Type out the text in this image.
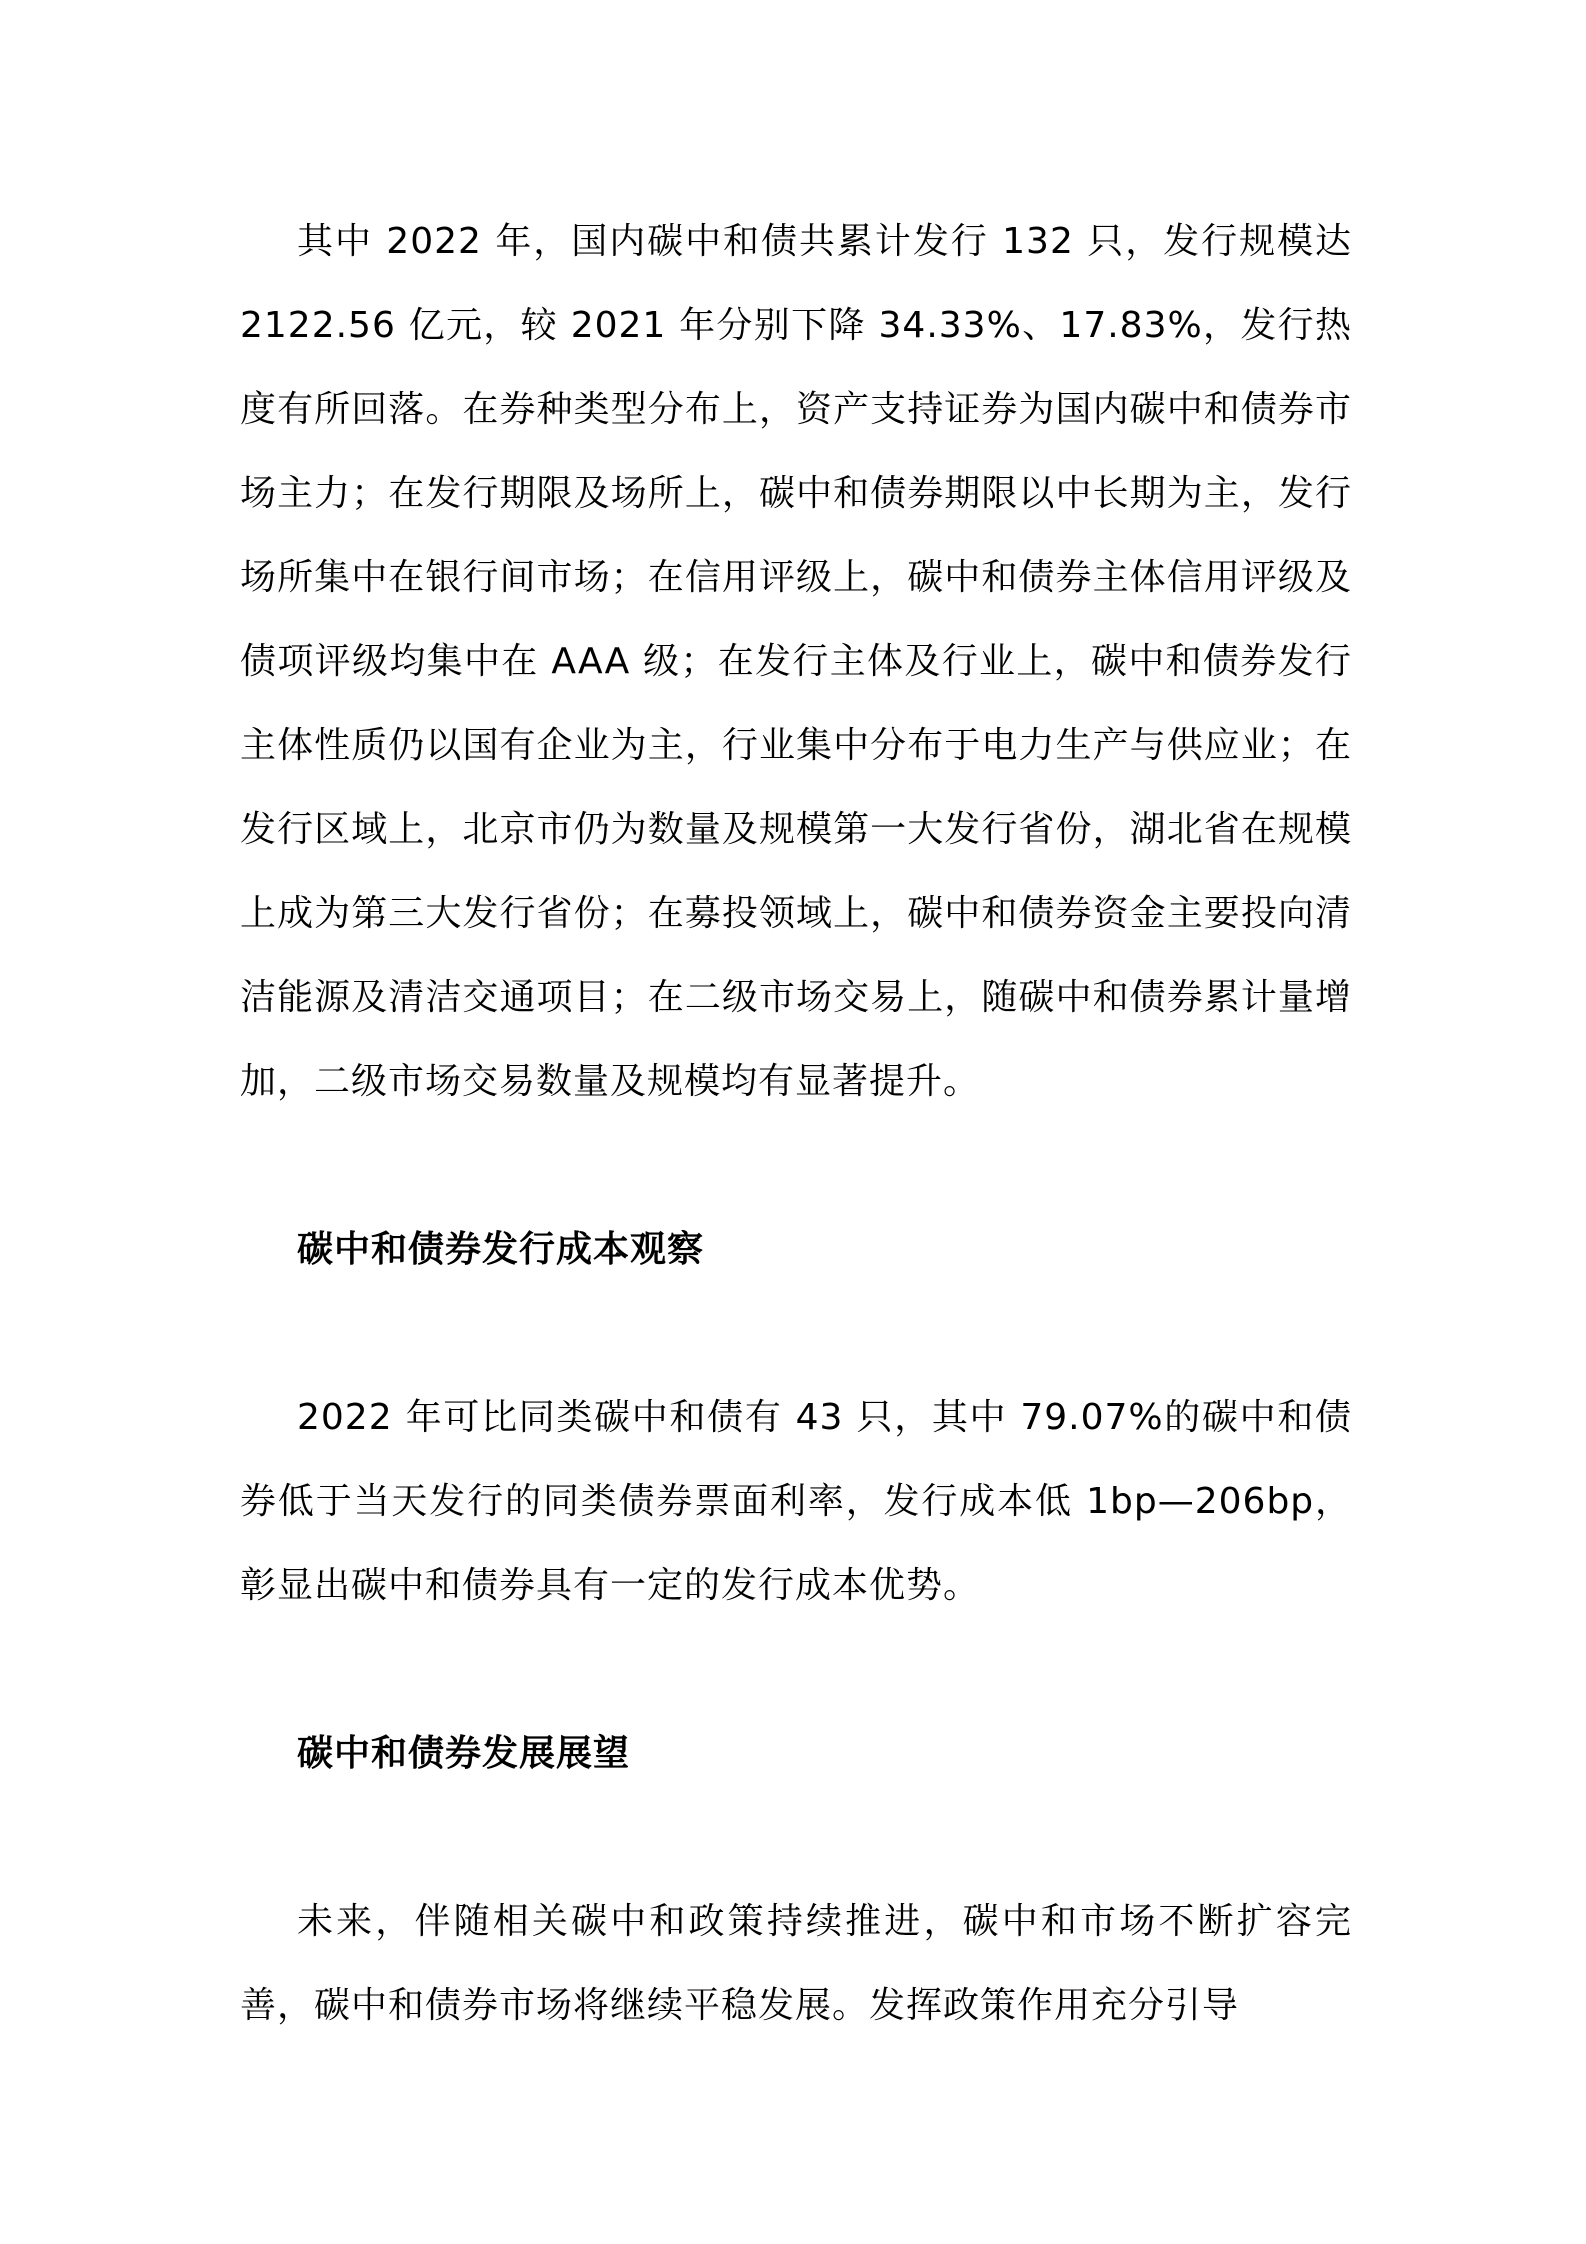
其中 2022 年，国内碳中和债共累计发行 132 只，发行规模达 2122.56 亿元，较 2021 年分别下降 34.33%、17.83%，发行热度有所回落。在券种类型分布上，资产支持证券为国内碳中和债券市场主力；在发行期限及场所上，碳中和债券期限以中长期为主，发行场所集中在银行间市场；在信用评级上，碳中和债券主体信用评级及债项评级均集中在 AAA 级；在发行主体及行业上，碳中和债券发行主体性质仍以国有企业为主，行业集中分布于电力生产与供应业；在发行区域上，北京市仍为数量及规模第一大发行省份，湖北省在规模上成为第三大发行省份；在募投领域上，碳中和债券资金主要投向清洁能源及清洁交通项目；在二级市场交易上，随碳中和债券累计量增加，二级市场交易数量及规模均有显著提升。

碳中和债券发行成本观察

2022 年可比同类碳中和债有 43 只，其中 79.07%的碳中和债券低于当天发行的同类债券票面利率，发行成本低 1bp—206bp，彰显出碳中和债券具有一定的发行成本优势。

碳中和债券发展展望

未来，伴随相关碳中和政策持续推进，碳中和市场不断扩容完善，碳中和债券市场将继续平稳发展。发挥政策作用充分引导
